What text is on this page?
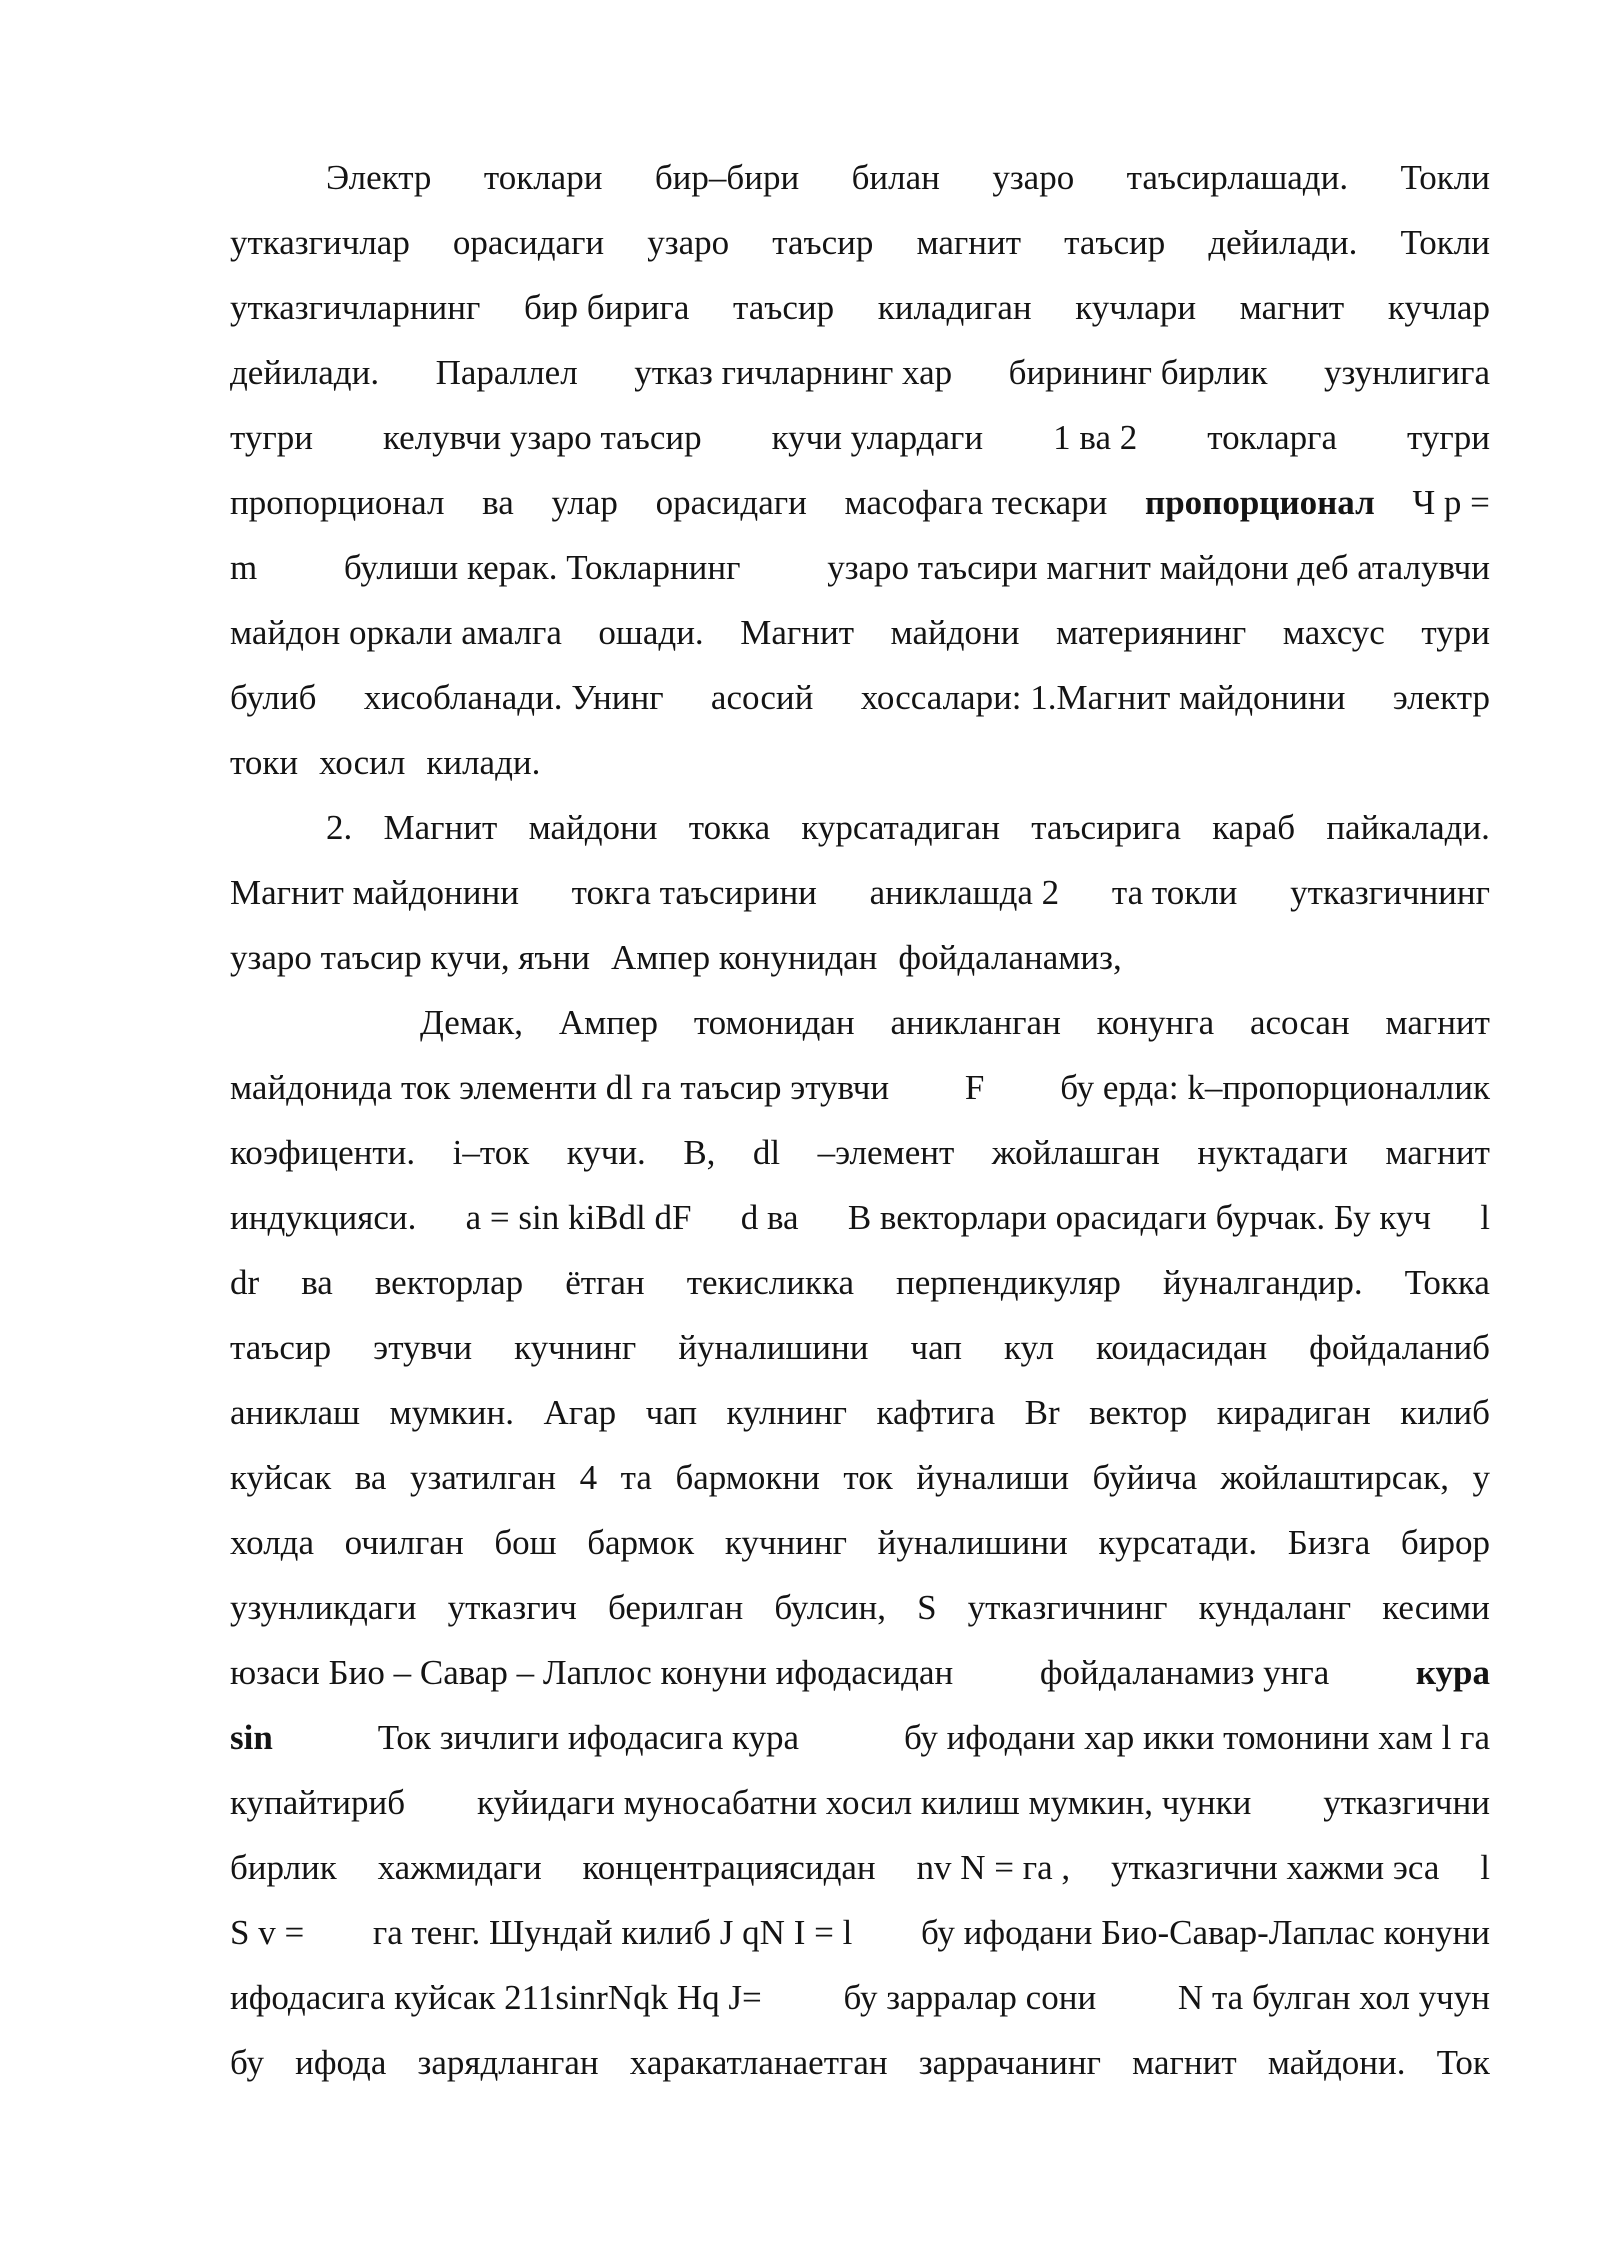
Электр токлари бир–бири билан узаро таъсирлашади. Токли
утказгичлар орасидаги узаро таъсир магнит таъсир дейилади. Токли
утказгичларнинг бир бирига таъсир киладиган кучлари магнит кучлар
дейилади. Параллел утказ гичларнинг хар бирининг бирлик узунлигига
тугри келувчи узаро таъсир кучи улардаги 1 ва 2 токларга тугри
пропорционал ва улар орасидаги масофага тескари пропорционал Ч р =
m булиши керак. Токларнинг узаро таъсири магнит майдони деб аталувчи
майдон оркали амалга ошади. Магнит майдони материянинг махсус тури
булиб хисобланади. Унинг асосий хоссалари: 1.Магнит майдонини электр
токи хосил килади.
2. Магнит майдони токка курсатадиган таъсирига караб пайкалади.
Магнит майдонини токга таъсирини аниклашда 2 та токли утказгичнинг
узаро таъсир кучи, яъни Ампер конунидан фойдаланамиз,
Демак, Ампер томонидан аникланган конунга асосан магнит
майдонида ток элементи dl га таъсир этувчи F бу ерда: k–пропорционаллик
коэфиценти. i–ток кучи. B, dl –элемент жойлашган нуктадаги магнит
индукцияси. a = sin kiBdl dF d ва B векторлари орасидаги бурчак. Бу куч l
dr ва векторлар ётган текисликка перпендикуляр йуналгандир. Токка
таъсир этувчи кучнинг йуналишини чап кул коидасидан фойдаланиб
аниклаш мумкин. Агар чап кулнинг кафтига Br вектор кирадиган килиб
куйсак ва узатилган 4 та бармокни ток йуналиши буйича жойлаштирсак, у
холда очилган бош бармок кучнинг йуналишини курсатади. Бизга бирор
узунликдаги утказгич берилган булсин, S утказгичнинг кундаланг кесими
юзаси Био – Савар – Лаплос конуни ифодасидан фойдаланамиз унга кура
sin	Ток зичлиги ифодасига кура	бу ифодани хар икки томонини хам l га
купайтириб куйидаги муносабатни хосил килиш мумкин, чунки утказгични
бирлик хажмидаги концентрациясидан nv N = га , утказгични хажми эса l
S v = га тенг. Шундай килиб J qN I = l бу ифодани Био-Савар-Лаплас конуни
ифодасига куйсак 211sinrNqk Hq J= бу зарралар сони N та булган хол учун
бу ифода зарядланган харакатланаетган заррачанинг магнит майдони. Ток
